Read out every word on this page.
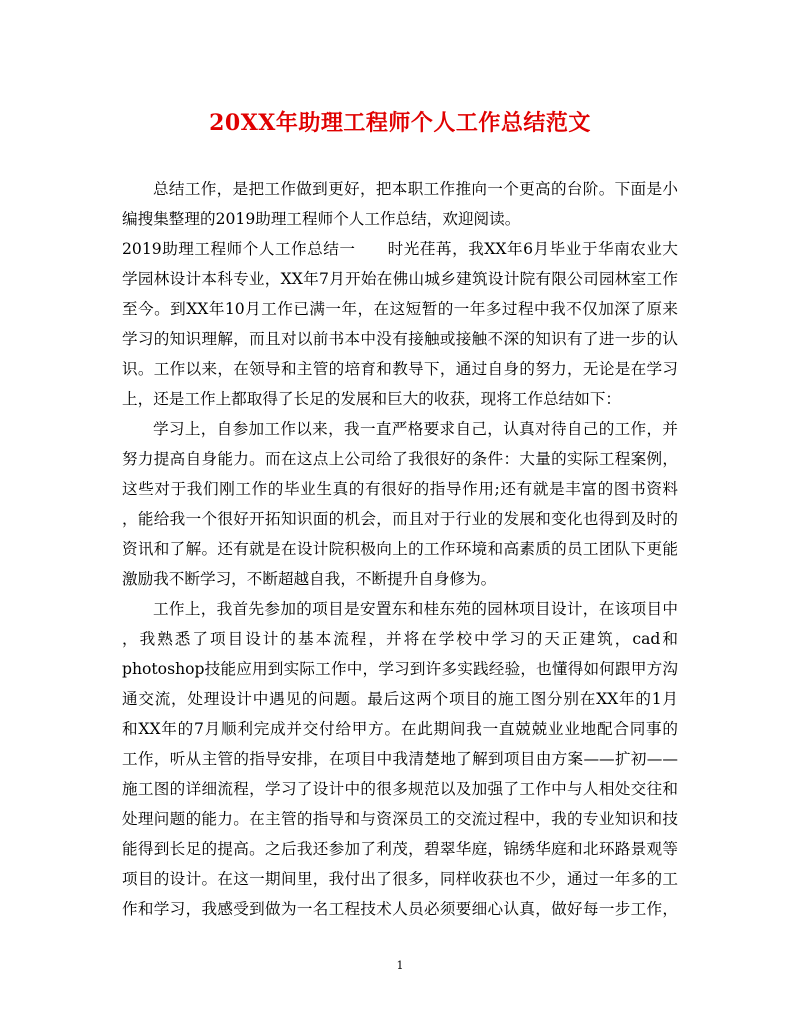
20XX年助理工程师个人工作总结范文
总结工作，是把工作做到更好，把本职工作推向一个更高的台阶。下面是小
编搜集整理的2019助理工程师个人工作总结，欢迎阅读。
2019助理工程师个人工作总结一　　时光荏苒，我XX年6月毕业于华南农业大
学园林设计本科专业，XX年7月开始在佛山城乡建筑设计院有限公司园林室工作
至今。到XX年10月工作已满一年，在这短暂的一年多过程中我不仅加深了原来
学习的知识理解，而且对以前书本中没有接触或接触不深的知识有了进一步的认
识。工作以来，在领导和主管的培育和教导下，通过自身的努力，无论是在学习
上，还是工作上都取得了长足的发展和巨大的收获，现将工作总结如下：
学习上，自参加工作以来，我一直严格要求自己，认真对待自己的工作，并
努力提高自身能力。而在这点上公司给了我很好的条件：大量的实际工程案例，
这些对于我们刚工作的毕业生真的有很好的指导作用;还有就是丰富的图书资料
，能给我一个很好开拓知识面的机会，而且对于行业的发展和变化也得到及时的
资讯和了解。还有就是在设计院积极向上的工作环境和高素质的员工团队下更能
激励我不断学习，不断超越自我，不断提升自身修为。
工作上，我首先参加的项目是安置东和桂东苑的园林项目设计，在该项目中
，我熟悉了项目设计的基本流程，并将在学校中学习的天正建筑，cad和
photoshop技能应用到实际工作中，学习到许多实践经验，也懂得如何跟甲方沟
通交流，处理设计中遇见的问题。最后这两个项目的施工图分别在XX年的1月
和XX年的7月顺利完成并交付给甲方。在此期间我一直兢兢业业地配合同事的
工作，听从主管的指导安排，在项目中我清楚地了解到项目由方案——扩初——
施工图的详细流程，学习了设计中的很多规范以及加强了工作中与人相处交往和
处理问题的能力。在主管的指导和与资深员工的交流过程中，我的专业知识和技
能得到长足的提高。之后我还参加了利茂，碧翠华庭，锦绣华庭和北环路景观等
项目的设计。在这一期间里，我付出了很多，同样收获也不少，通过一年多的工
作和学习，我感受到做为一名工程技术人员必须要细心认真，做好每一步工作，
1
